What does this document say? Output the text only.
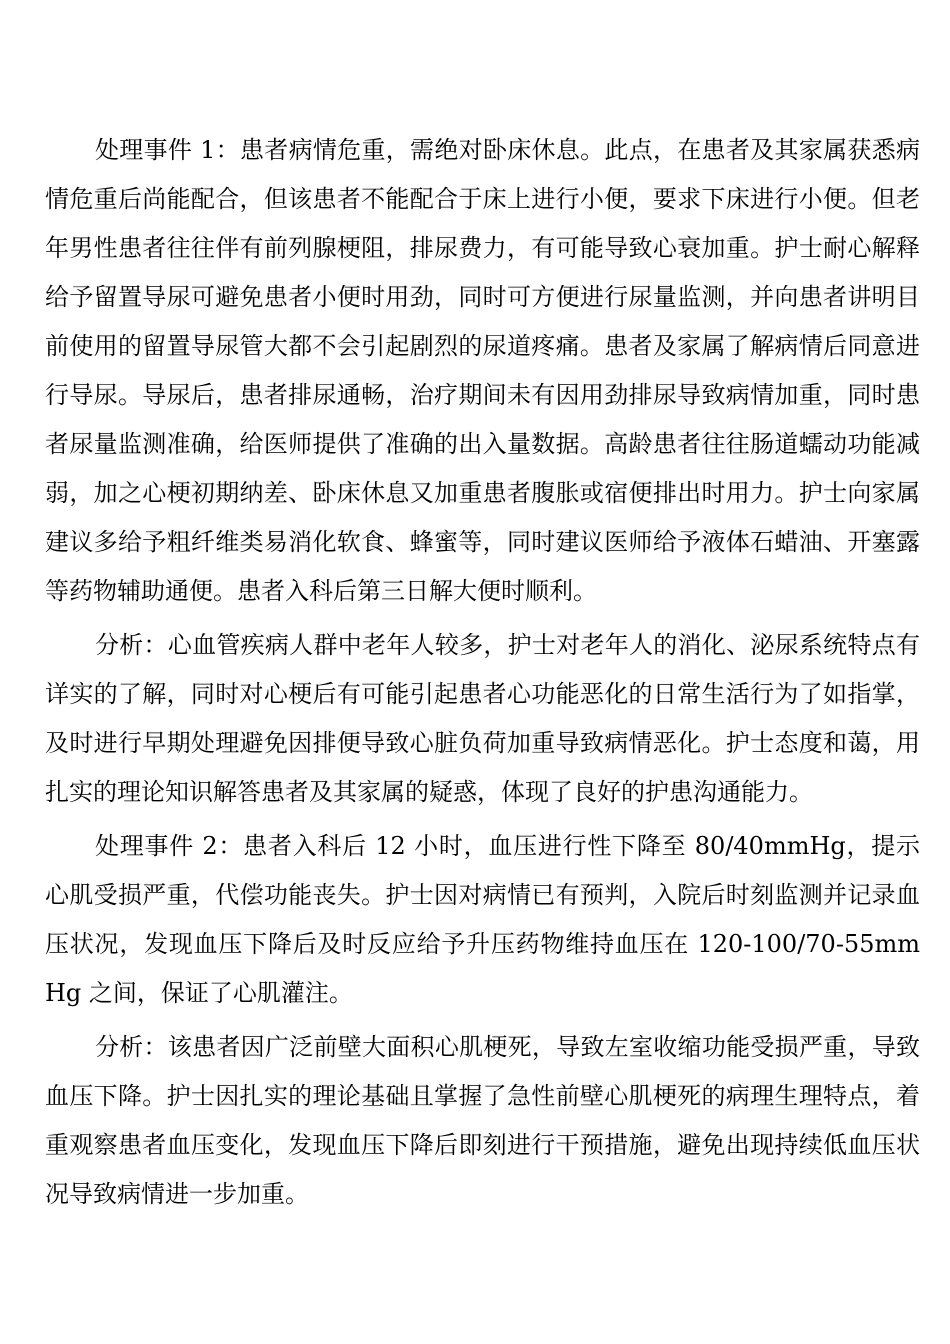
处理事件 1：患者病情危重，需绝对卧床休息。此点，在患者及其家属获悉病情危重后尚能配合，但该患者不能配合于床上进行小便，要求下床进行小便。但老年男性患者往往伴有前列腺梗阻，排尿费力，有可能导致心衰加重。护士耐心解释给予留置导尿可避免患者小便时用劲，同时可方便进行尿量监测，并向患者讲明目前使用的留置导尿管大都不会引起剧烈的尿道疼痛。患者及家属了解病情后同意进行导尿。导尿后，患者排尿通畅，治疗期间未有因用劲排尿导致病情加重，同时患者尿量监测准确，给医师提供了准确的出入量数据。高龄患者往往肠道蠕动功能减弱，加之心梗初期纳差、卧床休息又加重患者腹胀或宿便排出时用力。护士向家属建议多给予粗纤维类易消化软食、蜂蜜等，同时建议医师给予液体石蜡油、开塞露等药物辅助通便。患者入科后第三日解大便时顺利。

分析：心血管疾病人群中老年人较多，护士对老年人的消化、泌尿系统特点有详实的了解，同时对心梗后有可能引起患者心功能恶化的日常生活行为了如指掌，及时进行早期处理避免因排便导致心脏负荷加重导致病情恶化。护士态度和蔼，用扎实的理论知识解答患者及其家属的疑惑，体现了良好的护患沟通能力。

处理事件 2：患者入科后 12 小时，血压进行性下降至 80/40mmHg，提示心肌受损严重，代偿功能丧失。护士因对病情已有预判，入院后时刻监测并记录血压状况，发现血压下降后及时反应给予升压药物维持血压在 120-100/70-55mmHg 之间，保证了心肌灌注。

分析：该患者因广泛前壁大面积心肌梗死，导致左室收缩功能受损严重，导致血压下降。护士因扎实的理论基础且掌握了急性前壁心肌梗死的病理生理特点，着重观察患者血压变化，发现血压下降后即刻进行干预措施，避免出现持续低血压状况导致病情进一步加重。
